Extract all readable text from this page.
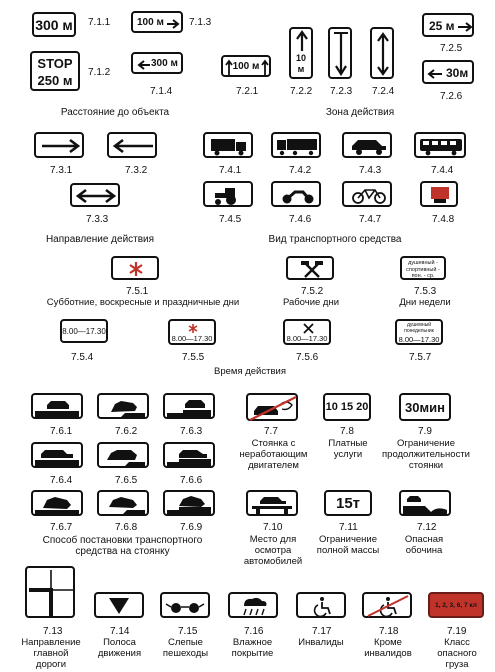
300 м 7.1.1
STOP
250 м
7.1.2
100 м	7.1.3
300 м
7.1.4
100 м
7.2.1
10
м
7.2.2 7.2.3 7.2.4
25 м
7.2.5
30м
7.2.6
Расстояние до объекта	Зона действия
7.3.1	7.3.2
7.3.3
Направление действия
7.4.1	7.4.2	7.4.3	7.4.4
7.4.5	7.4.6	7.4.7	7.4.8
Вид транспортного средства
7.5.1
Субботние, воскресные и праздничные дни
7.5.2
Рабочие дни
душевный - спортивный - пон. - ср.
7.5.3
Дни недели
8.00—17.30
7.5.4
8.00—17.30
7.5.5
8.00—17.30
7.5.6
душевный понедельник
8.00—17.30
7.5.7
Время действия
7.6.1	7.6.2	7.6.3
7.6.4	7.6.5	7.6.6
7.6.7	7.6.8	7.6.9
Способ постановки транспортного средства на стоянку
7.7
Стоянка с неработающим двигателем
10 15 20
7.8
Платные услуги
30мин
7.9
Ограничение продолжительности стоянки
7.10
Место для осмотра автомобилей
15т
7.11
Ограничение полной массы
7.12
Опасная обочина
7.13
Направление главной дороги
7.14
Полоса движения
7.15
Слепые пешеходы
7.16
Влажное покрытие
7.17
Инвалиды
7.18
Кроме инвалидов
1, 2, 3, 6, 7 кл
7.19
Класс опасного груза
